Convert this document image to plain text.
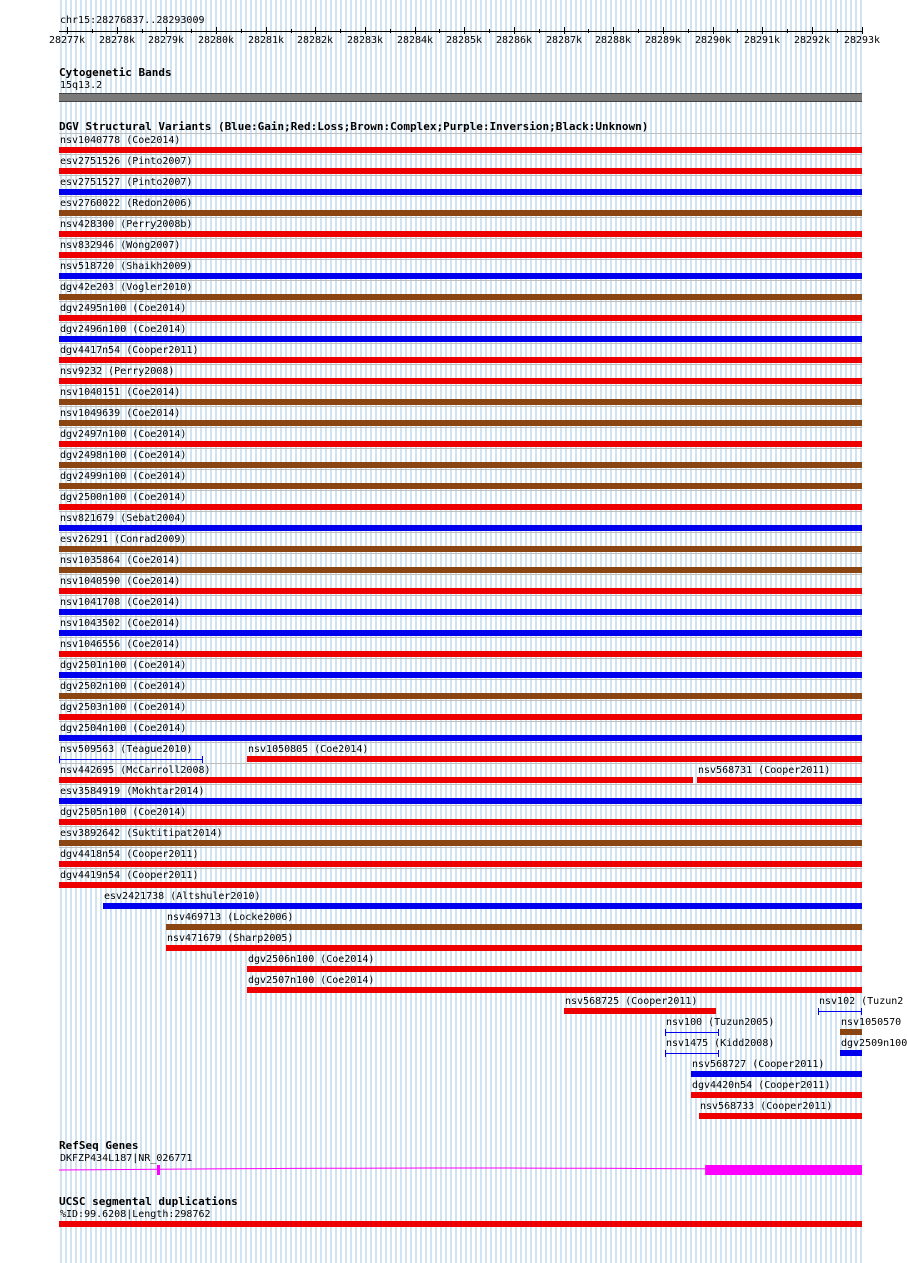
chr15:28276837..28293009
28277k 28278k 28279k 28280k 28281k 28282k 28283k 28284k 28285k 28286k 28287k 28288k 28289k 28290k 28291k 28292k 28293k
Cytogenetic Bands
15q13.2
DGV Structural Variants (Blue:Gain;Red:Loss;Brown:Complex;Purple:Inversion;Black:Unknown)
nsv1040778 (Coe2014)
esv2751526 (Pinto2007)
esv2751527 (Pinto2007)
esv2760022 (Redon2006)
nsv428300 (Perry2008b)
nsv832946 (Wong2007)
nsv518720 (Shaikh2009)
dgv42e203 (Vogler2010)
dgv2495n100 (Coe2014)
dgv2496n100 (Coe2014)
dgv4417n54 (Cooper2011)
nsv9232 (Perry2008)
nsv1040151 (Coe2014)
nsv1049639 (Coe2014)
dgv2497n100 (Coe2014)
dgv2498n100 (Coe2014)
dgv2499n100 (Coe2014)
dgv2500n100 (Coe2014)
nsv821679 (Sebat2004)
esv26291 (Conrad2009)
nsv1035864 (Coe2014)
nsv1040590 (Coe2014)
nsv1041708 (Coe2014)
nsv1043502 (Coe2014)
nsv1046556 (Coe2014)
dgv2501n100 (Coe2014)
dgv2502n100 (Coe2014)
dgv2503n100 (Coe2014)
dgv2504n100 (Coe2014)
nsv509563 (Teague2010)	nsv1050805 (Coe2014)
nsv442695 (McCarroll2008)	nsv568731 (Cooper2011)
esv3584919 (Mokhtar2014)
dgv2505n100 (Coe2014)
esv3892642 (Suktitipat2014)
dgv4418n54 (Cooper2011)
dgv4419n54 (Cooper2011)
esv2421738 (Altshuler2010)
nsv469713 (Locke2006)
nsv471679 (Sharp2005)
dgv2506n100 (Coe2014)
dgv2507n100 (Coe2014)
nsv568725 (Cooper2011)	nsv102 (Tuzun2
nsv100 (Tuzun2005)	nsv1050570
nsv1475 (Kidd2008)	dgv2509n100
nsv568727 (Cooper2011)
dgv4420n54 (Cooper2011)
nsv568733 (Cooper2011)
RefSeq Genes
DKFZP434L187|NR_026771
UCSC segmental duplications
%ID:99.6208|Length:298762
